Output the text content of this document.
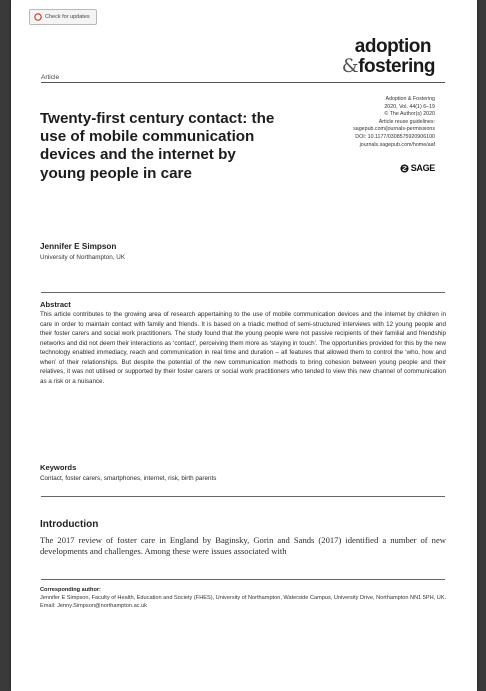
Check for updates
adoption
&fostering
Article
Adoption & Fostering
2020, Vol. 44(1) 6–19
© The Author(s) 2020
Article reuse guidelines:
sagepub.com/journals-permissions
DOI: 10.1177/0308575920906100
journals.sagepub.com/home/aaf
SAGE
Twenty-first century contact: the use of mobile communication devices and the internet by young people in care
Jennifer E Simpson
University of Northampton, UK
Abstract

This article contributes to the growing area of research appertaining to the use of mobile communication devices and the internet by children in care in order to maintain contact with family and friends. It is based on a triadic method of semi-structured interviews with 12 young people and their foster carers and social work practitioners. The study found that the young people were not passive recipients of their familial and friendship networks and did not deem their interactions as ‘contact’, perceiving them more as ‘staying in touch’. The opportunities provided for this by the new technology enabled immediacy, reach and communication in real time and duration – all features that allowed them to control the ‘who, how and when’ of their relationships. But despite the potential of the new communication methods to bring cohesion between young people and their relatives, it was not utilised or supported by their foster carers or social work practitioners who tended to view this new channel of communication as a risk or a nuisance.

Keywords
Contact, foster carers, smartphones, internet, risk, birth parents
Introduction

The 2017 review of foster care in England by Baginsky, Gorin and Sands (2017) identified a number of new developments and challenges. Among these were issues associated with

Corresponding author:
Jennifer E Simpson, Faculty of Health, Education and Society (FHES), University of Northampton, Waterside Campus, University Drive, Northampton NN1 5PH, UK.
Email: Jenny.Simpson@northampton.ac.uk
